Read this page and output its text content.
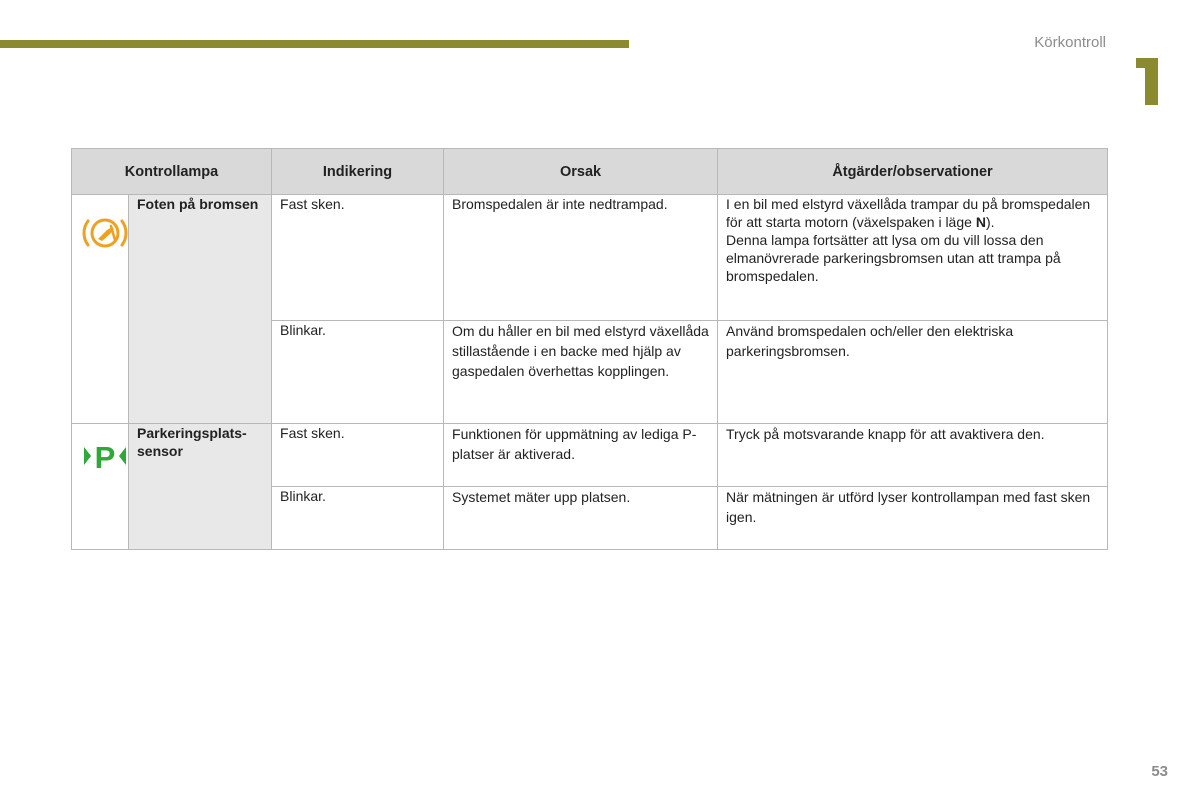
Körkontroll
Kontrollampa		Indikering	Orsak	Åtgärder/observationer

	Foten på bromsen	Fast sken.	Bromspedalen är inte nedtrampad.	I en bil med elstyrd växellåda trampar du på bromspedalen för att starta motorn (växelspaken i läge N).
Denna lampa fortsätter att lysa om du vill lossa den elmanövrerade parkeringsbromsen utan att trampa på bromspedalen.
		Blinkar.	Om du håller en bil med elstyrd växellåda stillastående i en backe med hjälp av gaspedalen överhettas kopplingen.	Använd bromspedalen och/eller den elektriska parkeringsbromsen.

P	Parkeringsplats-sensor	Fast sken.	Funktionen för uppmätning av lediga P-platser är aktiverad.	Tryck på motsvarande knapp för att avaktivera den.
		Blinkar.	Systemet mäter upp platsen.	När mätningen är utförd lyser kontrollampan med fast sken igen.
53
